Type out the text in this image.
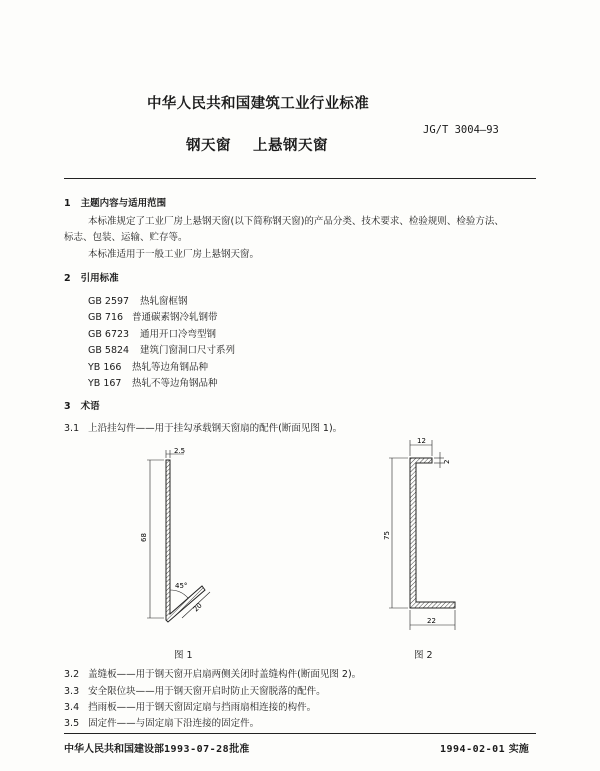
中华人民共和国建筑工业行业标准
JG/T 3004—93
钢天窗 上悬钢天窗
1 主题内容与适用范围
本标准规定了工业厂房上悬钢天窗(以下简称钢天窗)的产品分类、技术要求、检验规则、检验方法、
标志、包装、运输、贮存等。
本标准适用于一般工业厂房上悬钢天窗。
2 引用标准
GB 2597 热轧窗框钢
GB 716 普通碳素钢冷轧钢带
GB 6723 通用开口冷弯型钢
GB 5824 建筑门窗洞口尺寸系列
YB 166 热轧等边角钢品种
YB 167 热轧不等边角钢品种
3 术语
3.1 上沿挂勾件——用于挂勾承载钢天窗扇的配件(断面见图 1)。
2.5
68
45°
20
图 1
12
2
75
22
图 2
3.2 盖缝板——用于钢天窗开启扇两侧关闭时盖缝构件(断面见图 2)。
3.3 安全限位块——用于钢天窗开启时防止天窗脱落的配件。
3.4 挡雨板——用于钢天窗固定扇与挡雨扇相连接的构件。
3.5 固定件——与固定扇下沿连接的固定件。
中华人民共和国建设部1993-07-28批准	1994-02-01 实施
